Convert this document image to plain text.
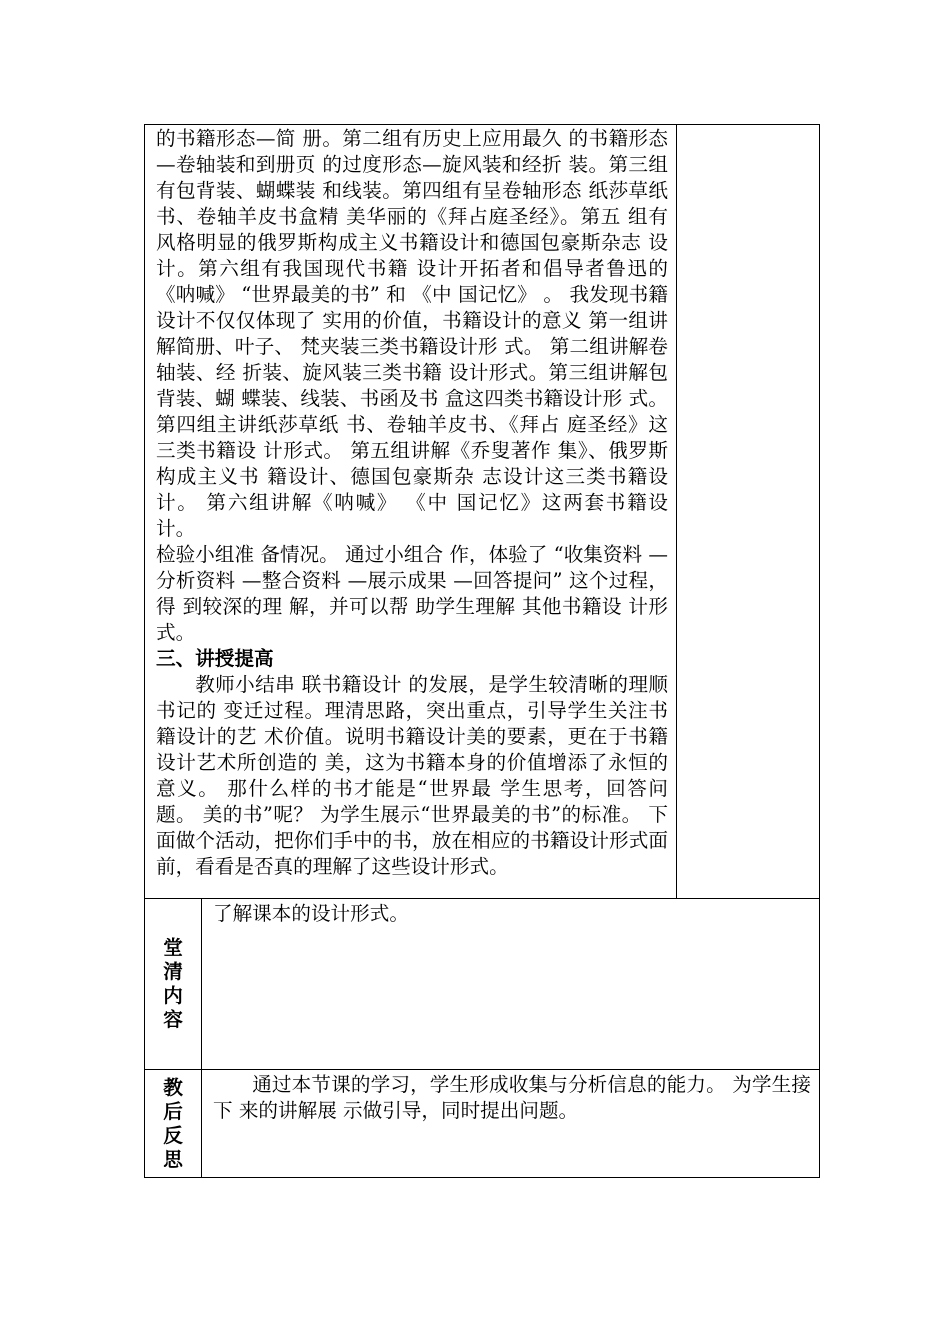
的书籍形态—简 册。第二组有历史上应用最久 的书籍形态—卷轴装和到册页 的过度形态—旋风装和经折 装。第三组有包背装、蝴蝶装 和线装。第四组有呈卷轴形态 纸莎草纸书、卷轴羊皮书盒精 美华丽的《拜占庭圣经》。第五 组有风格明显的俄罗斯构成主义书籍设计和德国包豪斯杂志 设计。第六组有我国现代书籍 设计开拓者和倡导者鲁迅的《呐喊》 “世界最美的书” 和 《中 国记忆》 。 我发现书籍设计不仅仅体现了 实用的价值，书籍设计的意义 第一组讲解简册、叶子、 梵夹装三类书籍设计形 式。 第二组讲解卷轴装、经 折装、旋风装三类书籍 设计形式。第三组讲解包背装、蝴 蝶装、线装、书函及书 盒这四类书籍设计形 式。 第四组主讲纸莎草纸 书、卷轴羊皮书、《拜占 庭圣经》这三类书籍设 计形式。 第五组讲解《乔叟著作 集》、俄罗斯构成主义书 籍设计、德国包豪斯杂 志设计这三类书籍设 计。 第六组讲解《呐喊》 《中 国记忆》这两套书籍设 计。

检验小组准 备情况。 通过小组合 作，体验了 “收集资料 —分析资料 —整合资料 —展示成果 —回答提问” 这个过程，得 到较深的理 解，并可以帮 助学生理解 其他书籍设 计形式。

三、讲授提高

教师小结串 联书籍设计 的发展，是学生较清晰的理顺书记的 变迁过程。理清思路，突出重点，引导学生关注书 籍设计的艺 术价值。说明书籍设计美的要素，更在于书籍设计艺术所创造的 美，这为书籍本身的价值增添了永恒的意义。 那什么样的书才能是“世界最 学生思考，回答问题。 美的书”呢？ 为学生展示“世界最美的书”的标准。 下面做个活动，把你们手中的书，放在相应的书籍设计形式面前，看看是否真的理解了这些设计形式。		

堂清内容	了解课本的设计形式。	

教后反思	通过本节课的学习，学生形成收集与分析信息的能力。 为学生接下 来的讲解展 示做引导，同时提出问题。	
